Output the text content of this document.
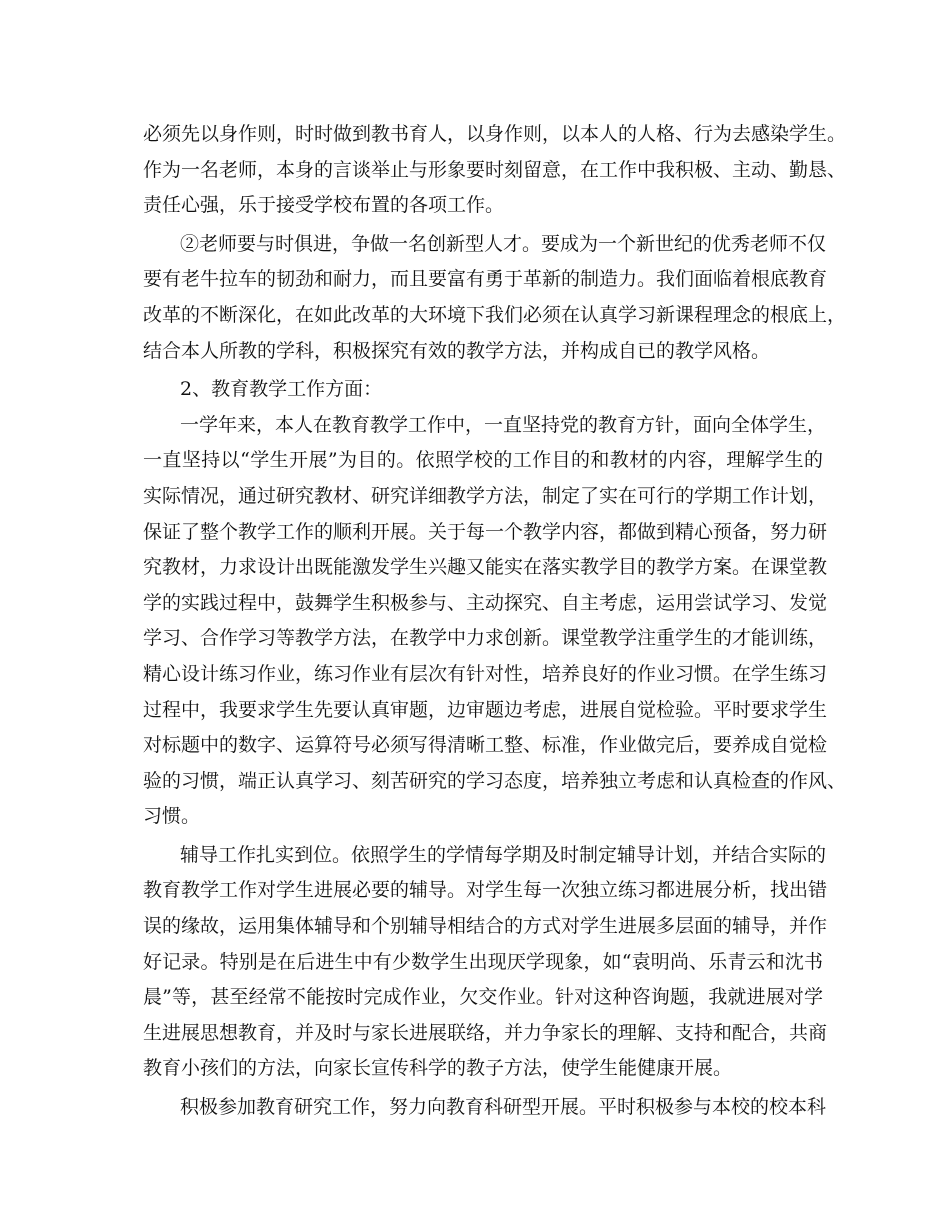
必须先以身作则，时时做到教书育人，以身作则，以本人的人格、行为去感染学生。
作为一名老师，本身的言谈举止与形象要时刻留意，在工作中我积极、主动、勤恳、
责任心强，乐于接受学校布置的各项工作。
②老师要与时俱进，争做一名创新型人才。要成为一个新世纪的优秀老师不仅
要有老牛拉车的韧劲和耐力，而且要富有勇于革新的制造力。我们面临着根底教育
改革的不断深化，在如此改革的大环境下我们必须在认真学习新课程理念的根底上，
结合本人所教的学科，积极探究有效的教学方法，并构成自已的教学风格。
2、教育教学工作方面：
一学年来，本人在教育教学工作中，一直坚持党的教育方针，面向全体学生，
一直坚持以“学生开展”为目的。依照学校的工作目的和教材的内容，理解学生的
实际情况，通过研究教材、研究详细教学方法，制定了实在可行的学期工作计划，
保证了整个教学工作的顺利开展。关于每一个教学内容，都做到精心预备，努力研
究教材，力求设计出既能激发学生兴趣又能实在落实教学目的教学方案。在课堂教
学的实践过程中，鼓舞学生积极参与、主动探究、自主考虑，运用尝试学习、发觉
学习、合作学习等教学方法，在教学中力求创新。课堂教学注重学生的才能训练，
精心设计练习作业，练习作业有层次有针对性，培养良好的作业习惯。在学生练习
过程中，我要求学生先要认真审题，边审题边考虑，进展自觉检验。平时要求学生
对标题中的数字、运算符号必须写得清晰工整、标准，作业做完后，要养成自觉检
验的习惯，端正认真学习、刻苦研究的学习态度，培养独立考虑和认真检查的作风、
习惯。
辅导工作扎实到位。依照学生的学情每学期及时制定辅导计划，并结合实际的
教育教学工作对学生进展必要的辅导。对学生每一次独立练习都进展分析，找出错
误的缘故，运用集体辅导和个别辅导相结合的方式对学生进展多层面的辅导，并作
好记录。特别是在后进生中有少数学生出现厌学现象，如“袁明尚、乐青云和沈书
晨”等，甚至经常不能按时完成作业，欠交作业。针对这种咨询题，我就进展对学
生进展思想教育，并及时与家长进展联络，并力争家长的理解、支持和配合，共商
教育小孩们的方法，向家长宣传科学的教子方法，使学生能健康开展。
积极参加教育研究工作，努力向教育科研型开展。平时积极参与本校的校本科
